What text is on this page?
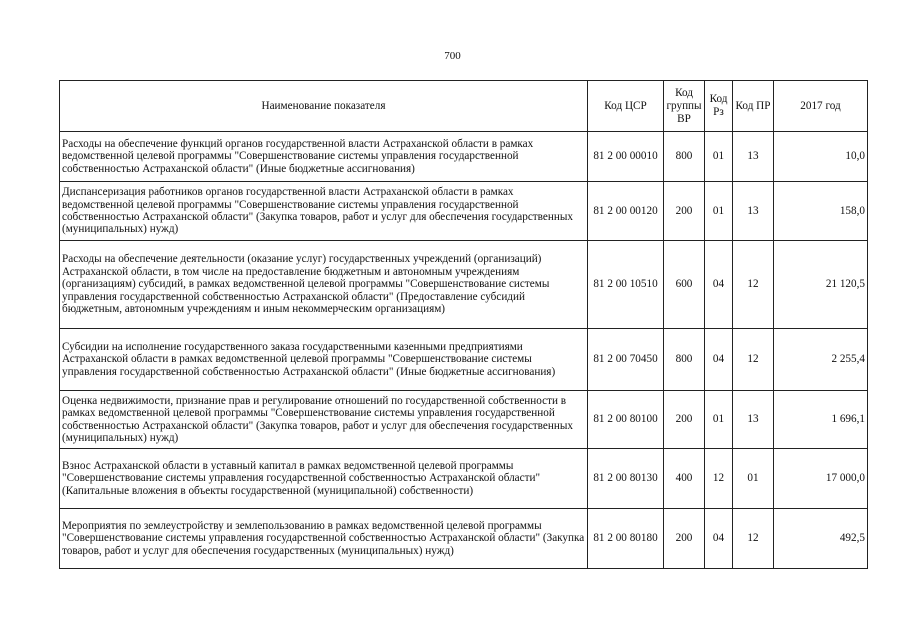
700
Наименование показателя	Код ЦСР	Код группы ВР	Код Рз	Код ПР	2017 год
Расходы на обеспечение функций органов государственной власти Астраханской области в рамках ведомственной целевой программы "Совершенствование системы управления государственной собственностью Астраханской области" (Иные бюджетные ассигнования)	81 2 00 00010	800	01	13	10,0
Диспансеризация работников органов государственной власти Астраханской области в рамках ведомственной целевой программы "Совершенствование системы управления государственной собственностью Астраханской области" (Закупка товаров, работ и услуг для обеспечения государственных (муниципальных) нужд)	81 2 00 00120	200	01	13	158,0
Расходы на обеспечение деятельности (оказание услуг) государственных учреждений (организаций) Астраханской области, в том числе на предоставление бюджетным и автономным учреждениям (организациям) субсидий, в рамках ведомственной целевой программы "Совершенствование системы управления государственной собственностью Астраханской области" (Предоставление субсидий бюджетным, автономным учреждениям и иным некоммерческим организациям)	81 2 00 10510	600	04	12	21 120,5
Субсидии на исполнение государственного заказа государственными казенными предприятиями Астраханской области в рамках ведомственной целевой программы "Совершенствование системы управления государственной собственностью Астраханской области" (Иные бюджетные ассигнования)	81 2 00 70450	800	04	12	2 255,4
Оценка недвижимости, признание прав и регулирование отношений по государственной собственности в рамках ведомственной целевой программы "Совершенствование системы управления государственной собственностью Астраханской области" (Закупка товаров, работ и услуг для обеспечения государственных (муниципальных) нужд)	81 2 00 80100	200	01	13	1 696,1
Взнос Астраханской области в уставный капитал в рамках ведомственной целевой программы "Совершенствование системы управления государственной собственностью Астраханской области" (Капитальные вложения в объекты государственной (муниципальной) собственности)	81 2 00 80130	400	12	01	17 000,0
Мероприятия по землеустройству и землепользованию в рамках ведомственной целевой программы "Совершенствование системы управления государственной собственностью Астраханской области" (Закупка товаров, работ и услуг для обеспечения государственных (муниципальных) нужд)	81 2 00 80180	200	04	12	492,5
